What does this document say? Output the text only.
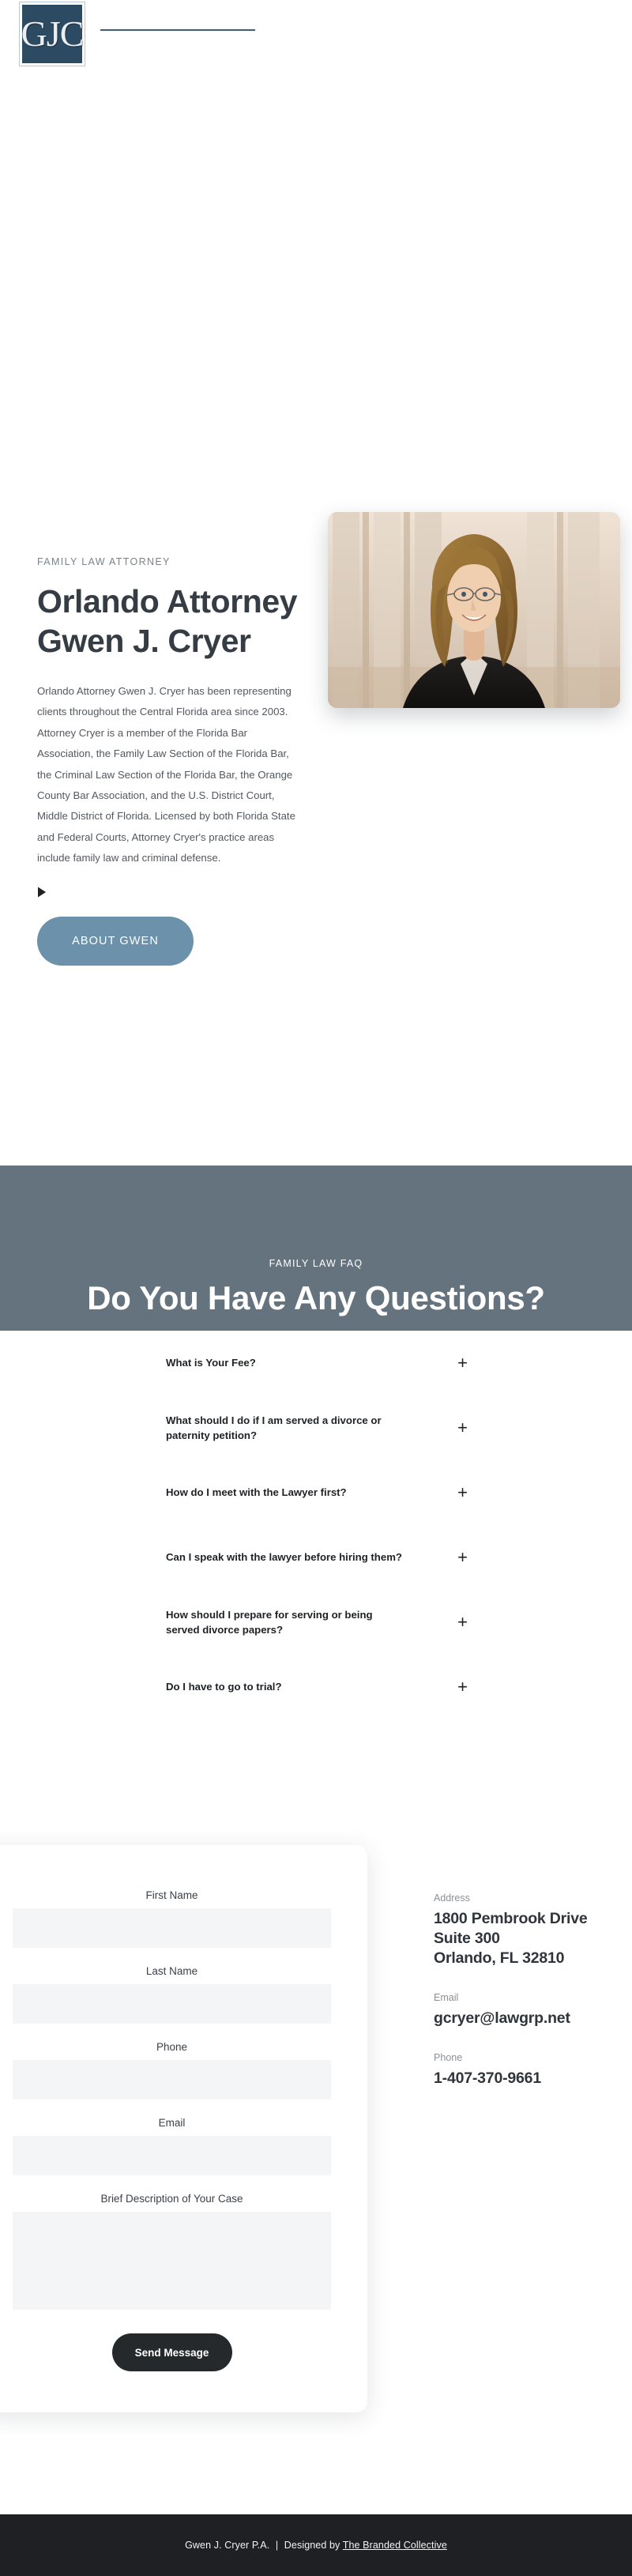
GJC
FAMILY LAW ATTORNEY
Orlando Attorney Gwen J. Cryer

Orlando Attorney Gwen J. Cryer has been representing clients throughout the Central Florida area since 2003. Attorney Cryer is a member of the Florida Bar Association, the Family Law Section of the Florida Bar, the Criminal Law Section of the Florida Bar, the Orange County Bar Association, and the U.S. District Court, Middle District of Florida. Licensed by both Florida State and Federal Courts, Attorney Cryer's practice areas include family law and criminal defense.

ABOUT GWEN
FAMILY LAW FAQ
Do You Have Any Questions?
What is Your Fee?	+
What should I do if I am served a divorce or paternity petition?	+
How do I meet with the Lawyer first?	+
Can I speak with the lawyer before hiring them?	+
How should I prepare for serving or being served divorce papers?	+
Do I have to go to trial?	+
First Name
Last Name
Phone
Email
Brief Description of Your Case
Send Message
Address
1800 Pembrook Drive
Suite 300
Orlando, FL 32810
Email
gcryer@lawgrp.net
Phone
1-407-370-9661
Gwen J. Cryer P.A. | Designed by The Branded Collective
